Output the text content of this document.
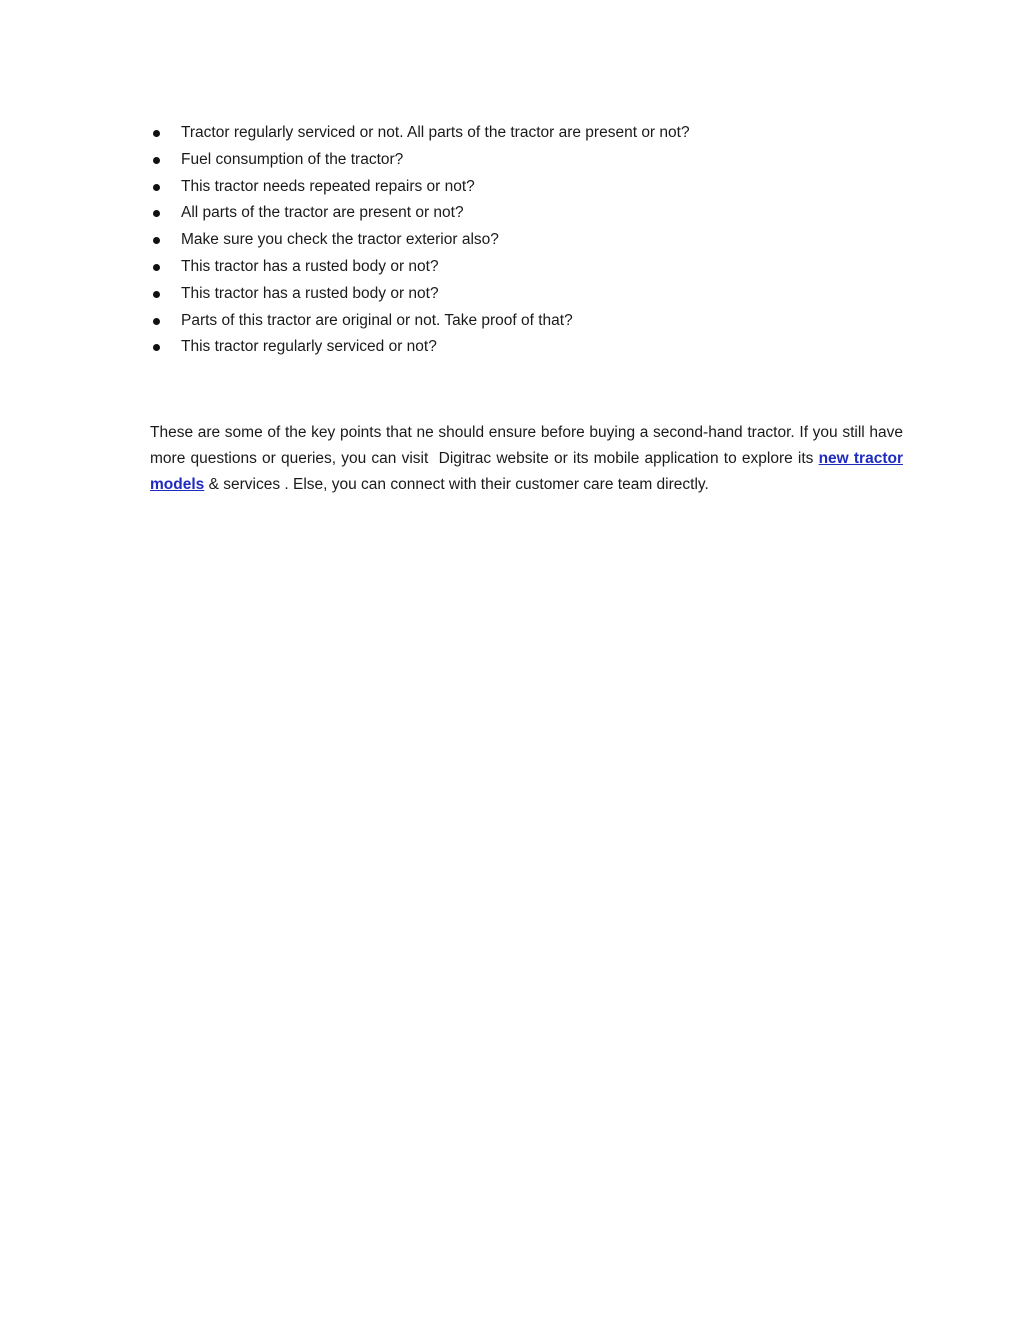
Tractor regularly serviced or not. All parts of the tractor are present or not?
Fuel consumption of the tractor?
This tractor needs repeated repairs or not?
All parts of the tractor are present or not?
Make sure you check the tractor exterior also?
This tractor has a rusted body or not?
This tractor has a rusted body or not?
Parts of this tractor are original or not. Take proof of that?
This tractor regularly serviced or not?

These are some of the key points that ne should ensure before buying a second-hand tractor. If you still have more questions or queries, you can visit  Digitrac website or its mobile application to explore its new tractor models & services . Else, you can connect with their customer care team directly.
